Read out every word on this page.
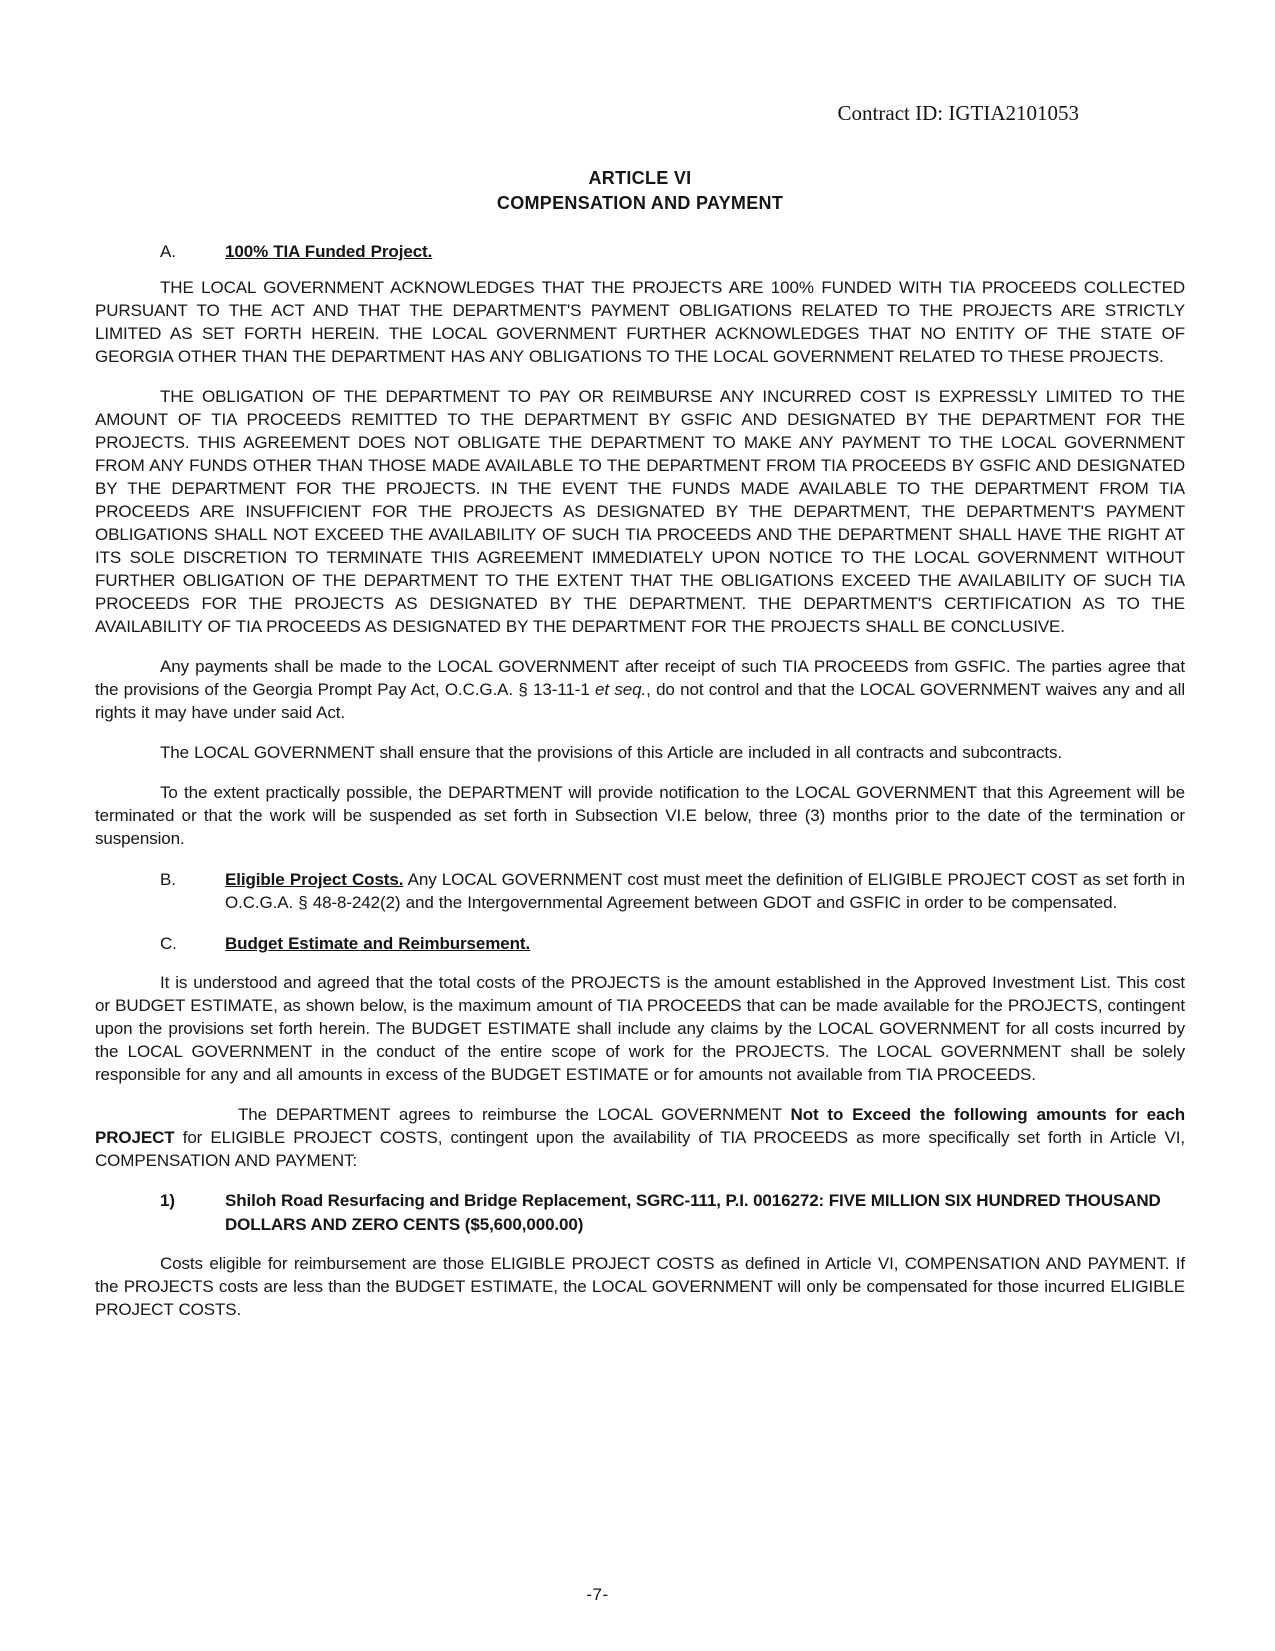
Contract ID: IGTIA2101053
ARTICLE VI
COMPENSATION AND PAYMENT
A.	100% TIA Funded Project.

THE LOCAL GOVERNMENT ACKNOWLEDGES THAT THE PROJECTS ARE 100% FUNDED WITH TIA PROCEEDS COLLECTED PURSUANT TO THE ACT AND THAT THE DEPARTMENT'S PAYMENT OBLIGATIONS RELATED TO THE PROJECTS ARE STRICTLY LIMITED AS SET FORTH HEREIN. THE LOCAL GOVERNMENT FURTHER ACKNOWLEDGES THAT NO ENTITY OF THE STATE OF GEORGIA OTHER THAN THE DEPARTMENT HAS ANY OBLIGATIONS TO THE LOCAL GOVERNMENT RELATED TO THESE PROJECTS.

THE OBLIGATION OF THE DEPARTMENT TO PAY OR REIMBURSE ANY INCURRED COST IS EXPRESSLY LIMITED TO THE AMOUNT OF TIA PROCEEDS REMITTED TO THE DEPARTMENT BY GSFIC AND DESIGNATED BY THE DEPARTMENT FOR THE PROJECTS. THIS AGREEMENT DOES NOT OBLIGATE THE DEPARTMENT TO MAKE ANY PAYMENT TO THE LOCAL GOVERNMENT FROM ANY FUNDS OTHER THAN THOSE MADE AVAILABLE TO THE DEPARTMENT FROM TIA PROCEEDS BY GSFIC AND DESIGNATED BY THE DEPARTMENT FOR THE PROJECTS. IN THE EVENT THE FUNDS MADE AVAILABLE TO THE DEPARTMENT FROM TIA PROCEEDS ARE INSUFFICIENT FOR THE PROJECTS AS DESIGNATED BY THE DEPARTMENT, THE DEPARTMENT'S PAYMENT OBLIGATIONS SHALL NOT EXCEED THE AVAILABILITY OF SUCH TIA PROCEEDS AND THE DEPARTMENT SHALL HAVE THE RIGHT AT ITS SOLE DISCRETION TO TERMINATE THIS AGREEMENT IMMEDIATELY UPON NOTICE TO THE LOCAL GOVERNMENT WITHOUT FURTHER OBLIGATION OF THE DEPARTMENT TO THE EXTENT THAT THE OBLIGATIONS EXCEED THE AVAILABILITY OF SUCH TIA PROCEEDS FOR THE PROJECTS AS DESIGNATED BY THE DEPARTMENT. THE DEPARTMENT'S CERTIFICATION AS TO THE AVAILABILITY OF TIA PROCEEDS AS DESIGNATED BY THE DEPARTMENT FOR THE PROJECTS SHALL BE CONCLUSIVE.

Any payments shall be made to the LOCAL GOVERNMENT after receipt of such TIA PROCEEDS from GSFIC. The parties agree that the provisions of the Georgia Prompt Pay Act, O.C.G.A. § 13-11-1 et seq., do not control and that the LOCAL GOVERNMENT waives any and all rights it may have under said Act.

The LOCAL GOVERNMENT shall ensure that the provisions of this Article are included in all contracts and subcontracts.

To the extent practically possible, the DEPARTMENT will provide notification to the LOCAL GOVERNMENT that this Agreement will be terminated or that the work will be suspended as set forth in Subsection VI.E below, three (3) months prior to the date of the termination or suspension.

B.	Eligible Project Costs. Any LOCAL GOVERNMENT cost must meet the definition of ELIGIBLE PROJECT COST as set forth in O.C.G.A. § 48-8-242(2) and the Intergovernmental Agreement between GDOT and GSFIC in order to be compensated.
C.	Budget Estimate and Reimbursement.

It is understood and agreed that the total costs of the PROJECTS is the amount established in the Approved Investment List. This cost or BUDGET ESTIMATE, as shown below, is the maximum amount of TIA PROCEEDS that can be made available for the PROJECTS, contingent upon the provisions set forth herein. The BUDGET ESTIMATE shall include any claims by the LOCAL GOVERNMENT for all costs incurred by the LOCAL GOVERNMENT in the conduct of the entire scope of work for the PROJECTS. The LOCAL GOVERNMENT shall be solely responsible for any and all amounts in excess of the BUDGET ESTIMATE or for amounts not available from TIA PROCEEDS.

The DEPARTMENT agrees to reimburse the LOCAL GOVERNMENT Not to Exceed the following amounts for each PROJECT for ELIGIBLE PROJECT COSTS, contingent upon the availability of TIA PROCEEDS as more specifically set forth in Article VI, COMPENSATION AND PAYMENT:

1)	Shiloh Road Resurfacing and Bridge Replacement, SGRC-111, P.I. 0016272: FIVE MILLION SIX HUNDRED THOUSAND DOLLARS AND ZERO CENTS ($5,600,000.00)

Costs eligible for reimbursement are those ELIGIBLE PROJECT COSTS as defined in Article VI, COMPENSATION AND PAYMENT. If the PROJECTS costs are less than the BUDGET ESTIMATE, the LOCAL GOVERNMENT will only be compensated for those incurred ELIGIBLE PROJECT COSTS.

-7-
